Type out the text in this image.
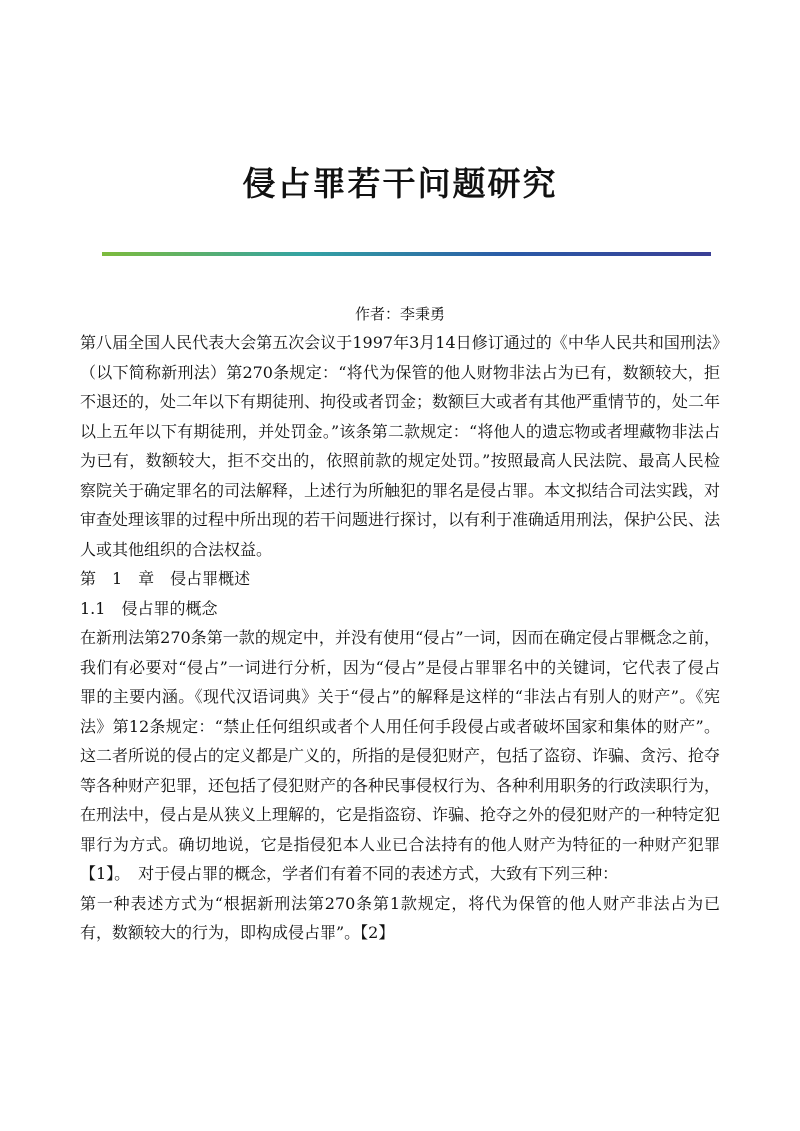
侵占罪若干问题研究

作者：李秉勇

第八届全国人民代表大会第五次会议于1997年3月14日修订通过的《中华人民共和国刑法》（以下简称新刑法）第270条规定：“将代为保管的他人财物非法占为已有，数额较大，拒不退还的，处二年以下有期徒刑、拘役或者罚金；数额巨大或者有其他严重情节的，处二年以上五年以下有期徒刑，并处罚金。”该条第二款规定：“将他人的遗忘物或者埋藏物非法占为已有，数额较大，拒不交出的，依照前款的规定处罚。”按照最高人民法院、最高人民检察院关于确定罪名的司法解释，上述行为所触犯的罪名是侵占罪。本文拟结合司法实践，对审查处理该罪的过程中所出现的若干问题进行探讨，以有利于准确适用刑法，保护公民、法人或其他组织的合法权益。

第　1　章　侵占罪概述

1.1　侵占罪的概念

在新刑法第270条第一款的规定中，并没有使用“侵占”一词，因而在确定侵占罪概念之前，我们有必要对“侵占”一词进行分析，因为“侵占”是侵占罪罪名中的关键词，它代表了侵占罪的主要内涵。《现代汉语词典》关于“侵占”的解释是这样的“非法占有别人的财产”。《宪法》第12条规定：“禁止任何组织或者个人用任何手段侵占或者破坏国家和集体的财产”。这二者所说的侵占的定义都是广义的，所指的是侵犯财产，包括了盗窃、诈骗、贪污、抢夺等各种财产犯罪，还包括了侵犯财产的各种民事侵权行为、各种利用职务的行政渎职行为，在刑法中，侵占是从狭义上理解的，它是指盗窃、诈骗、抢夺之外的侵犯财产的一种特定犯罪行为方式。确切地说，它是指侵犯本人业已合法持有的他人财产为特征的一种财产犯罪【1】。　对于侵占罪的概念，学者们有着不同的表述方式，大致有下列三种：

第一种表述方式为“根据新刑法第270条第1款规定，将代为保管的他人财产非法占为已有，数额较大的行为，即构成侵占罪”。【2】
